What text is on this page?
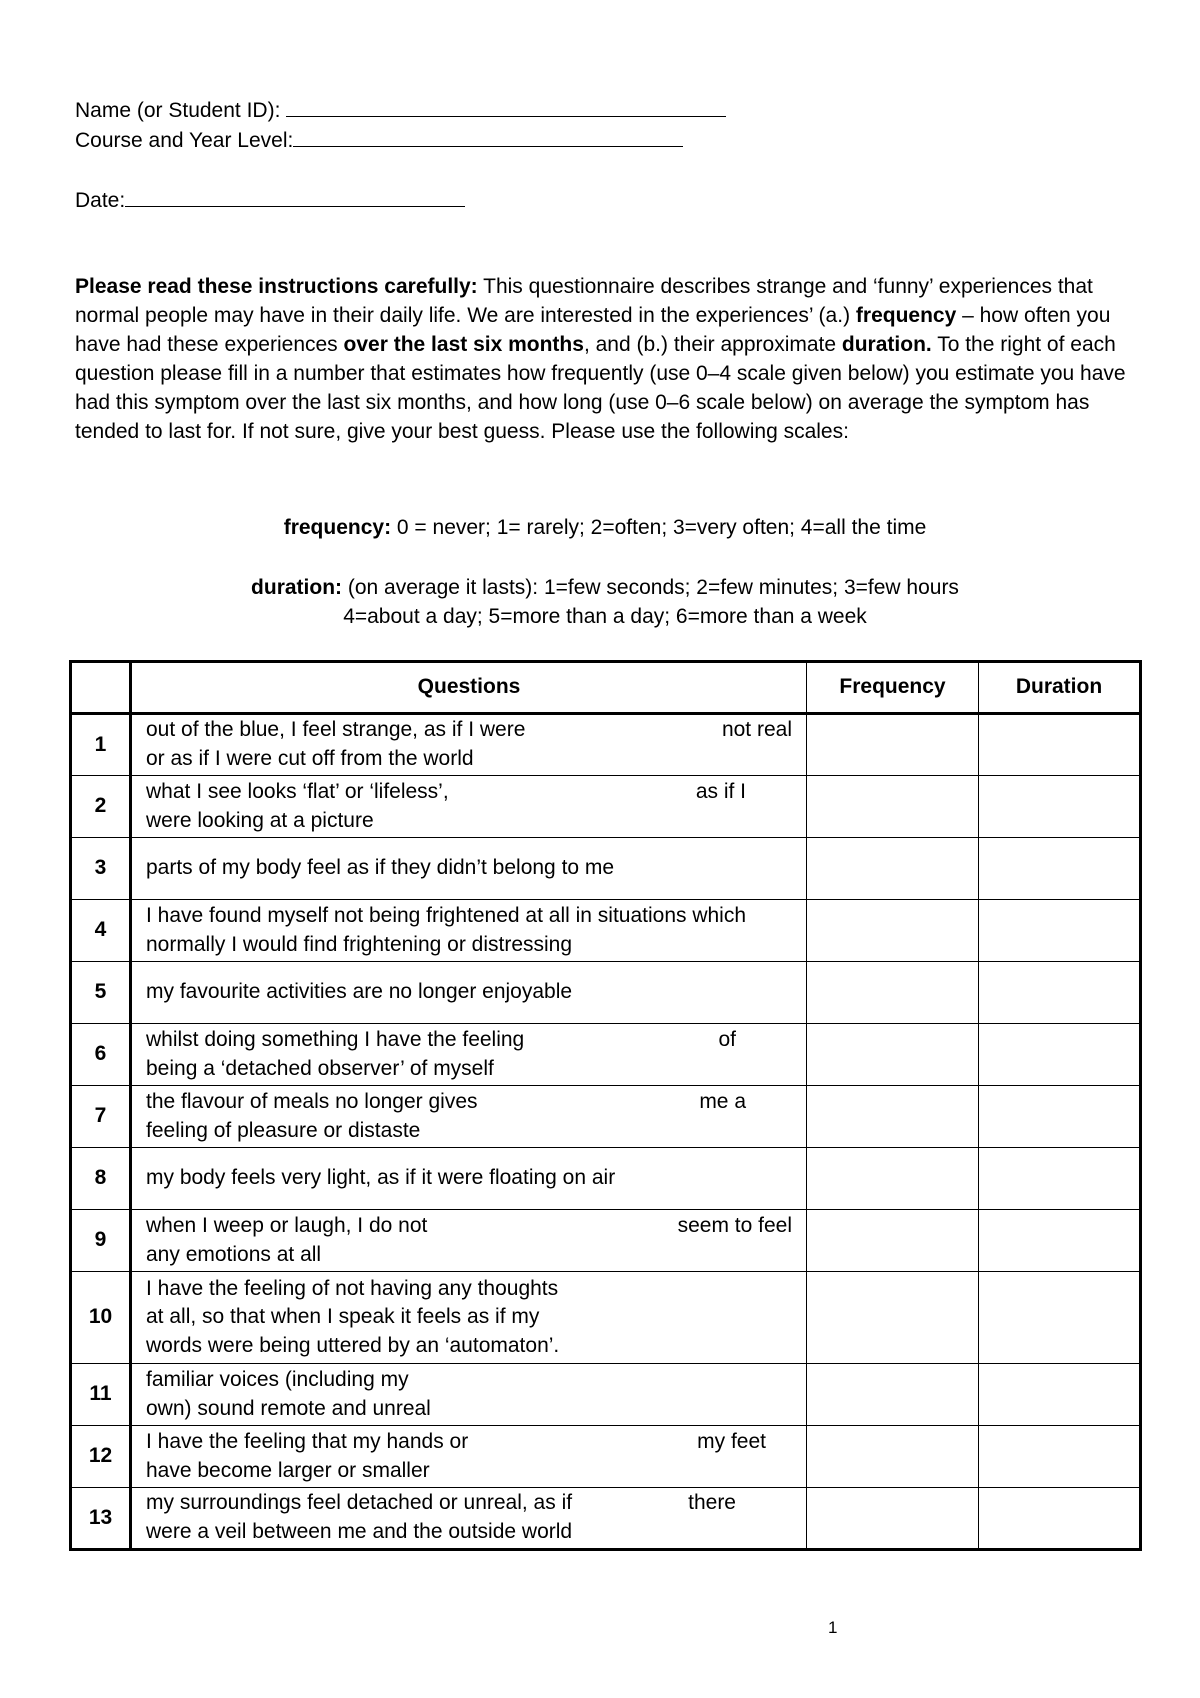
Name (or Student ID):
Course and Year Level:
Date:
Please read these instructions carefully: This questionnaire describes strange and ‘funny’ experiences that normal people may have in their daily life. We are interested in the experiences’ (a.) frequency – how often you have had these experiences over the last six months, and (b.) their approximate duration. To the right of each question please fill in a number that estimates how frequently (use 0–4 scale given below) you estimate you have had this symptom over the last six months, and how long (use 0–6 scale below) on average the symptom has tended to last for. If not sure, give your best guess. Please use the following scales:
frequency: 0 = never; 1= rarely; 2=often; 3=very often; 4=all the time
duration: (on average it lasts): 1=few seconds; 2=few minutes; 3=few hours
4=about a day; 5=more than a day; 6=more than a week
	Questions	Frequency	Duration
1	out of the blue, I feel strange, as if I were not real
or as if I were cut off from the world		

2	what I see looks ‘flat’ or ‘lifeless’, as if I
were looking at a picture		

3	parts of my body feel as if they didn’t belong to me		

4	I have found myself not being frightened at all in situations which
normally I would find frightening or distressing		

5	my favourite activities are no longer enjoyable		

6	whilst doing something I have the feeling of
being a ‘detached observer’ of myself		

7	the flavour of meals no longer gives me a
feeling of pleasure or distaste		

8	my body feels very light, as if it were floating on air		

9	when I weep or laugh, I do not seem to feel
any emotions at all		

10	I have the feeling of not having any thoughts
at all, so that when I speak it feels as if my
words were being uttered by an ‘automaton’.		

11	familiar voices (including my
own) sound remote and unreal		

12	I have the feeling that my hands or my feet
have become larger or smaller		

13	my surroundings feel detached or unreal, as if there
were a veil between me and the outside world		

1
